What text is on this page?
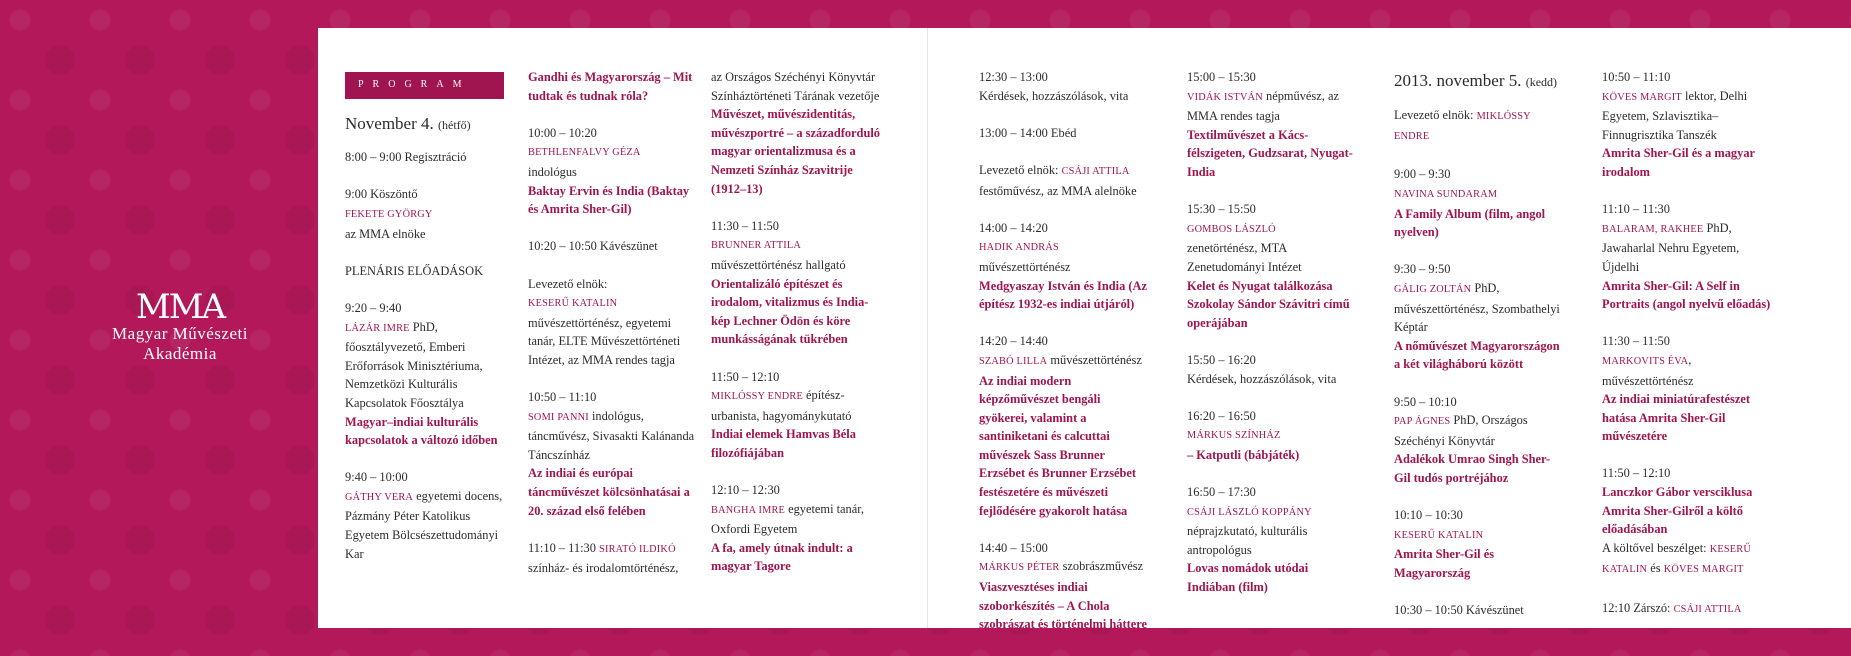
MMA
Magyar Művészeti
Akadémia
PROGRAM
November 4. (hétfő)

8:00 – 9:00 Regisztráció

9:00 Köszöntő
FEKETE GYÖRGY
az MMA elnöke

PLENÁRIS ELŐADÁSOK

9:20 – 9:40
LÁZÁR IMRE PhD,
főosztályvezető, Emberi Erőforrások Minisztériuma, Nemzetközi Kulturális Kapcsolatok Főosztálya
Magyar–indiai kulturális kapcsolatok a változó időben

9:40 – 10:00
GÁTHY VERA egyetemi docens, Pázmány Péter Katolikus Egyetem Bölcsészettudományi Kar

Gandhi és Magyarország – Mit tudtak és tudnak róla?

10:00 – 10:20
BETHLENFALVY GÉZA
indológus
Baktay Ervin és India (Baktay és Amrita Sher-Gil)

10:20 – 10:50 Kávészünet

Levezető elnök:
KESERŰ KATALIN
művészettörténész, egyetemi tanár, ELTE Művészettörténeti Intézet, az MMA rendes tagja

10:50 – 11:10
SOMI PANNI indológus, táncművész, Sivasakti Kalánanda Táncszínház
Az indiai és európai táncművészet kölcsönhatásai a 20. század első felében

11:10 – 11:30 SIRATÓ ILDIKÓ
színház- és irodalomtörténész,

az Országos Széchényi Könyvtár Színháztörténeti Tárának vezetője
Művészet, művészidentitás, művészportré – a századforduló magyar orientalizmusa és a Nemzeti Színház Szavitrije (1912–13)

11:30 – 11:50
BRUNNER ATTILA
művészettörténész hallgató
Orientalizáló építészet és irodalom, vitalizmus és India-kép Lechner Ödön és köre munkásságának tükrében

11:50 – 12:10
MIKLÓSSY ENDRE építész-urbanista, hagyománykutató
Indiai elemek Hamvas Béla filozófiájában

12:10 – 12:30
BANGHA IMRE egyetemi tanár, Oxfordi Egyetem
A fa, amely útnak indult: a magyar Tagore

12:30 – 13:00
Kérdések, hozzászólások, vita

13:00 – 14:00 Ebéd

Levezető elnök: CSÁJI ATTILA
festőművész, az MMA alelnöke

14:00 – 14:20
HADIK ANDRÁS művészettörténész
Medgyaszay István és India (Az építész 1932-es indiai útjáról)

14:20 – 14:40
SZABÓ LILLA művészettörténész
Az indiai modern képzőművészet bengáli gyökerei, valamint a santiniketani és calcuttai művészek Sass Brunner Erzsébet és Brunner Erzsébet festészetére és művészeti fejlődésére gyakorolt hatása

14:40 – 15:00
MÁRKUS PÉTER szobrászművész
Viaszvesztéses indiai szoborkészítés – A Chola szobrászat és történelmi háttere

15:00 – 15:30
VIDÁK ISTVÁN népművész, az MMA rendes tagja
Textilművészet a Kács-félszigeten, Gudzsarat, Nyugat-India

15:30 – 15:50
GOMBOS LÁSZLÓ
zenetörténész, MTA Zenetudományi Intézet
Kelet és Nyugat találkozása Szokolay Sándor Szávitri című operájában

15:50 – 16:20
Kérdések, hozzászólások, vita

16:20 – 16:50
MÁRKUS SZÍNHÁZ
– Katputli (bábjáték)

16:50 – 17:30
CSÁJI LÁSZLÓ KOPPÁNY
néprajzkutató, kulturális antropológus
Lovas nomádok utódai Indiában (film)

2013. november 5. (kedd)

Levezető elnök: MIKLÓSSY ENDRE

9:00 – 9:30
NAVINA SUNDARAM
A Family Album (film, angol nyelven)

9:30 – 9:50
GÁLIG ZOLTÁN PhD, művészettörténész, Szombathelyi Képtár
A nőművészet Magyarországon a két világháború között

9:50 – 10:10
PAP ÁGNES PhD, Országos Széchényi Könyvtár
Adalékok Umrao Singh Sher-Gil tudós portréjához

10:10 – 10:30
KESERŰ KATALIN
Amrita Sher-Gil és Magyarország

10:30 – 10:50 Kávészünet

10:50 – 11:10
KÖVES MARGIT lektor, Delhi Egyetem, Szlavisztika–Finnugrisztika Tanszék
Amrita Sher-Gil és a magyar irodalom

11:10 – 11:30
BALARAM, RAKHEE PhD, Jawaharlal Nehru Egyetem, Újdelhi
Amrita Sher-Gil: A Self in Portraits (angol nyelvű előadás)

11:30 – 11:50
MARKOVITS ÉVA, művészettörténész
Az indiai miniatúrafestészet hatása Amrita Sher-Gil művészetére

11:50 – 12:10
Lanczkor Gábor versciklusa Amrita Sher-Gilről a költő előadásában
A költővel beszélget: KESERŰ KATALIN és KÖVES MARGIT

12:10 Zárszó: CSÁJI ATTILA
